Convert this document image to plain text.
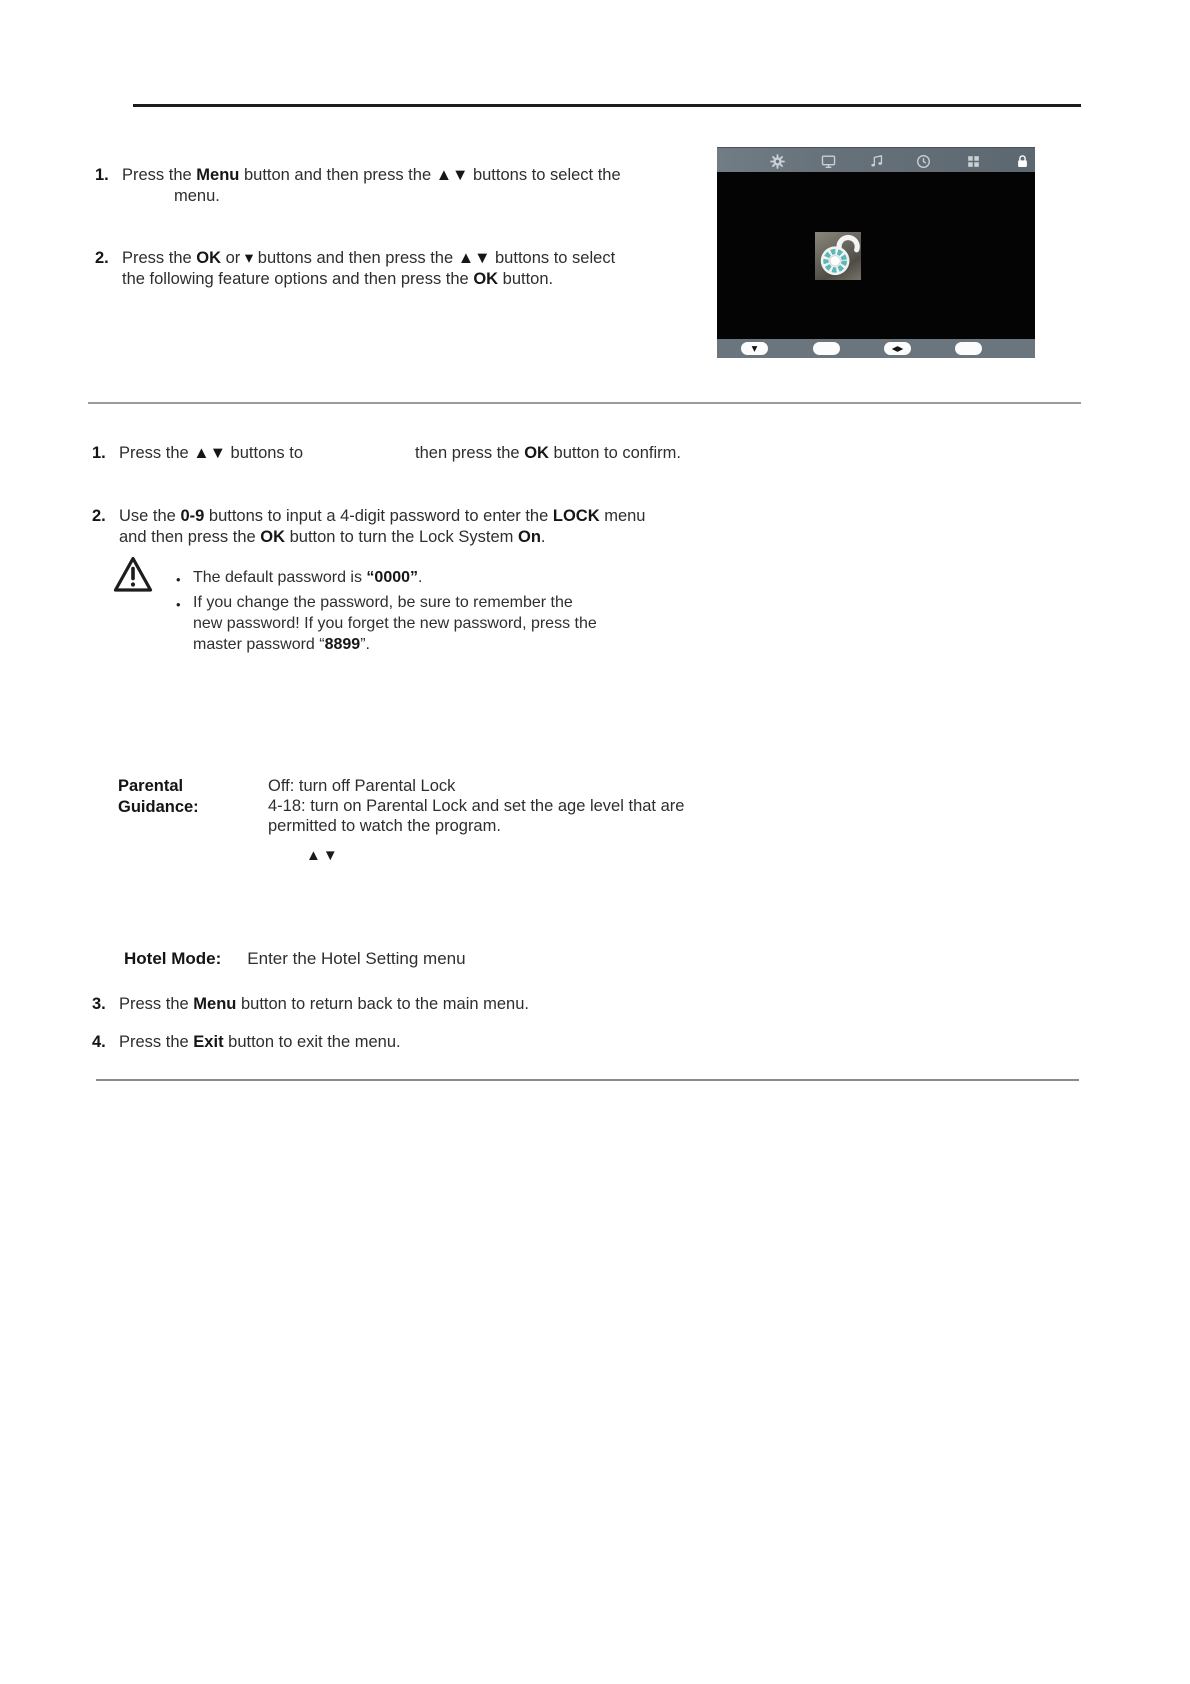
1. Press the Menu button and then press the ▲▼ buttons to select the
menu.
2. Press the OK or ▾ buttons and then press the ▲▼ buttons to select
the following feature options and then press the OK button.
▼	◀▶
1. Press the ▲▼ buttons to	then press the OK button to confirm.
2. Use the 0-9 buttons to input a 4-digit password to enter the LOCK menu
and then press the OK button to turn the Lock System On.
• The default password is “0000”.
• If you change the password, be sure to remember the
new password! If you forget the new password, press the
master password “8899”.
Parental Guidance:
Off: turn off Parental Lock
4-18: turn on Parental Lock and set the age level that are
permitted to watch the program.
▲▼
Hotel Mode: Enter the Hotel Setting menu
3. Press the Menu button to return back to the main menu.
4. Press the Exit button to exit the menu.
